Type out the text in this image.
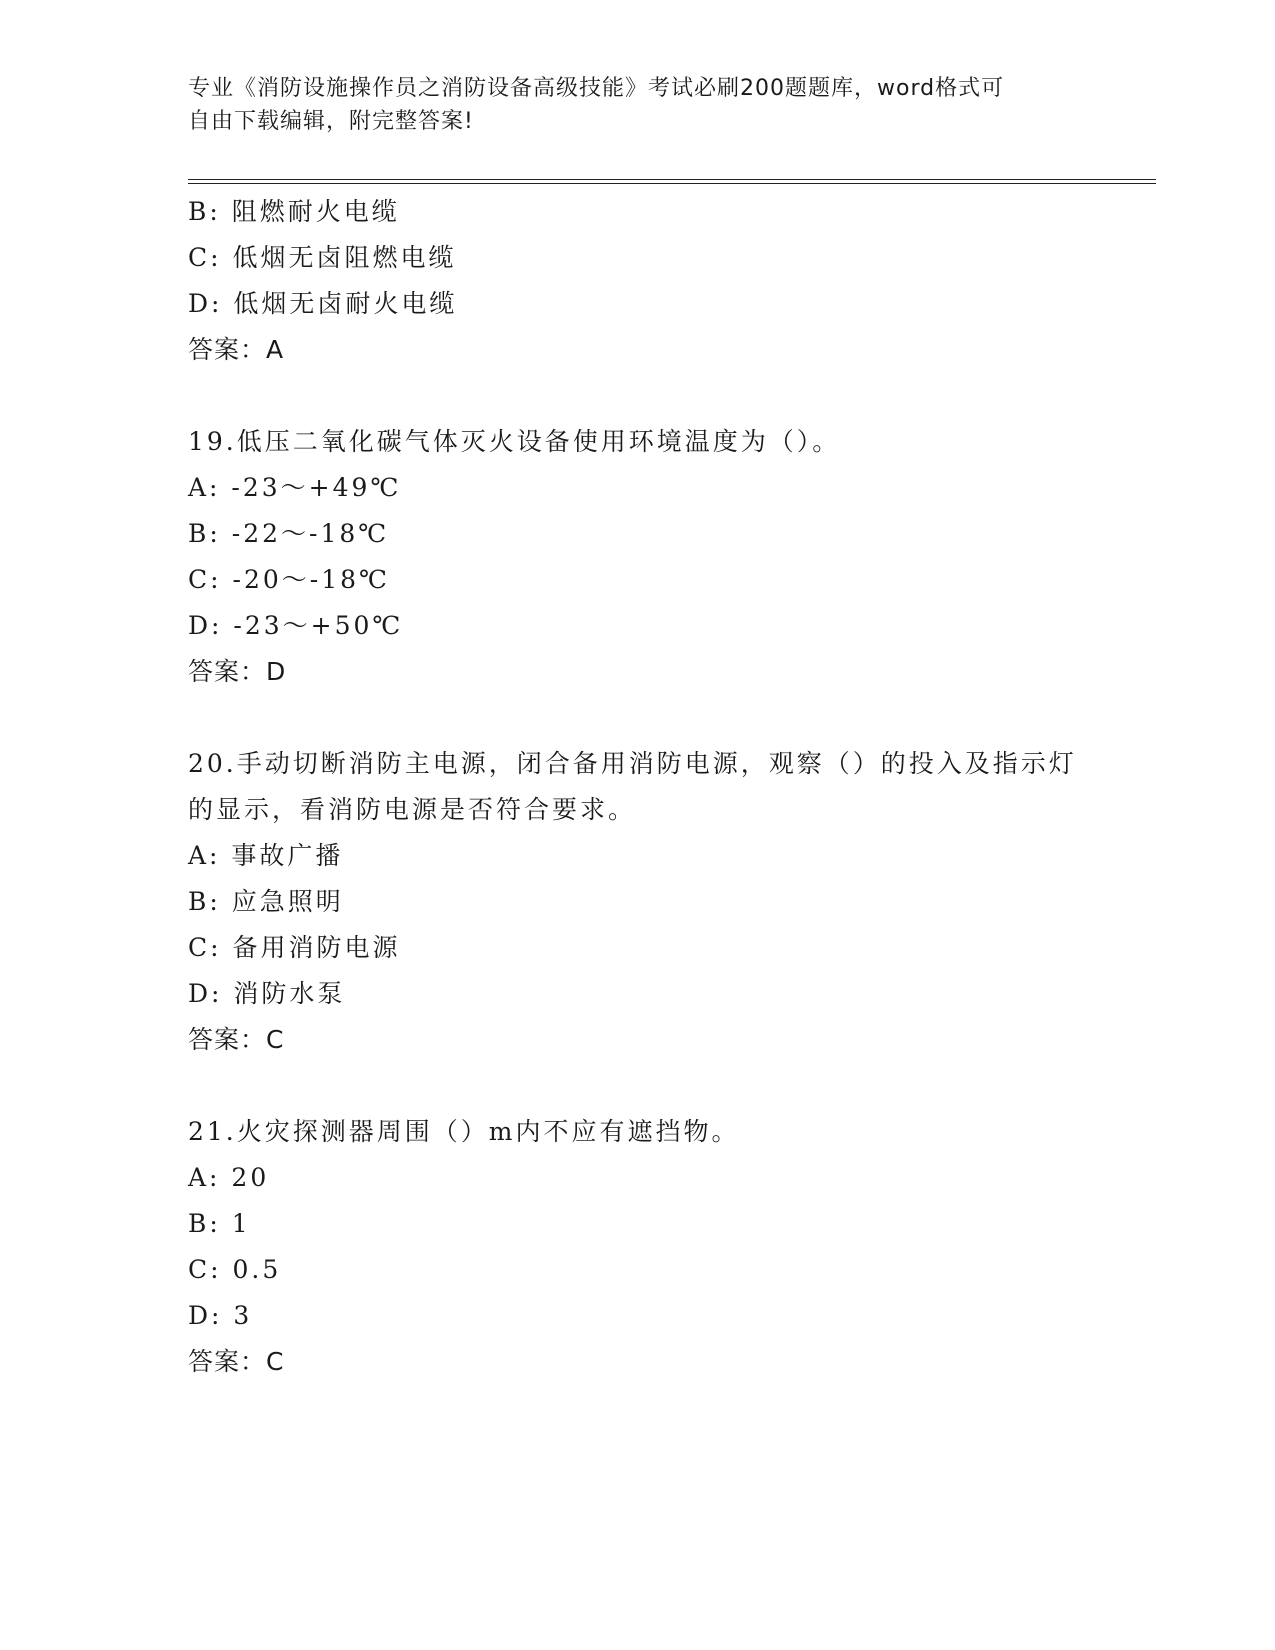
专业《消防设施操作员之消防设备高级技能》考试必刷200题题库，word格式可
自由下载编辑，附完整答案!
B: 阻燃耐火电缆
C: 低烟无卤阻燃电缆
D: 低烟无卤耐火电缆
答案：A
19.低压二氧化碳气体灭火设备使用环境温度为（）。
A: -23～+49℃
B: -22～-18℃
C: -20～-18℃
D: -23～+50℃
答案：D
20.手动切断消防主电源，闭合备用消防电源，观察（）的投入及指示灯的显示，看消防电源是否符合要求。
A: 事故广播
B: 应急照明
C: 备用消防电源
D: 消防水泵
答案：C
21.火灾探测器周围（）m内不应有遮挡物。
A: 20
B: 1
C: 0.5
D: 3
答案：C
